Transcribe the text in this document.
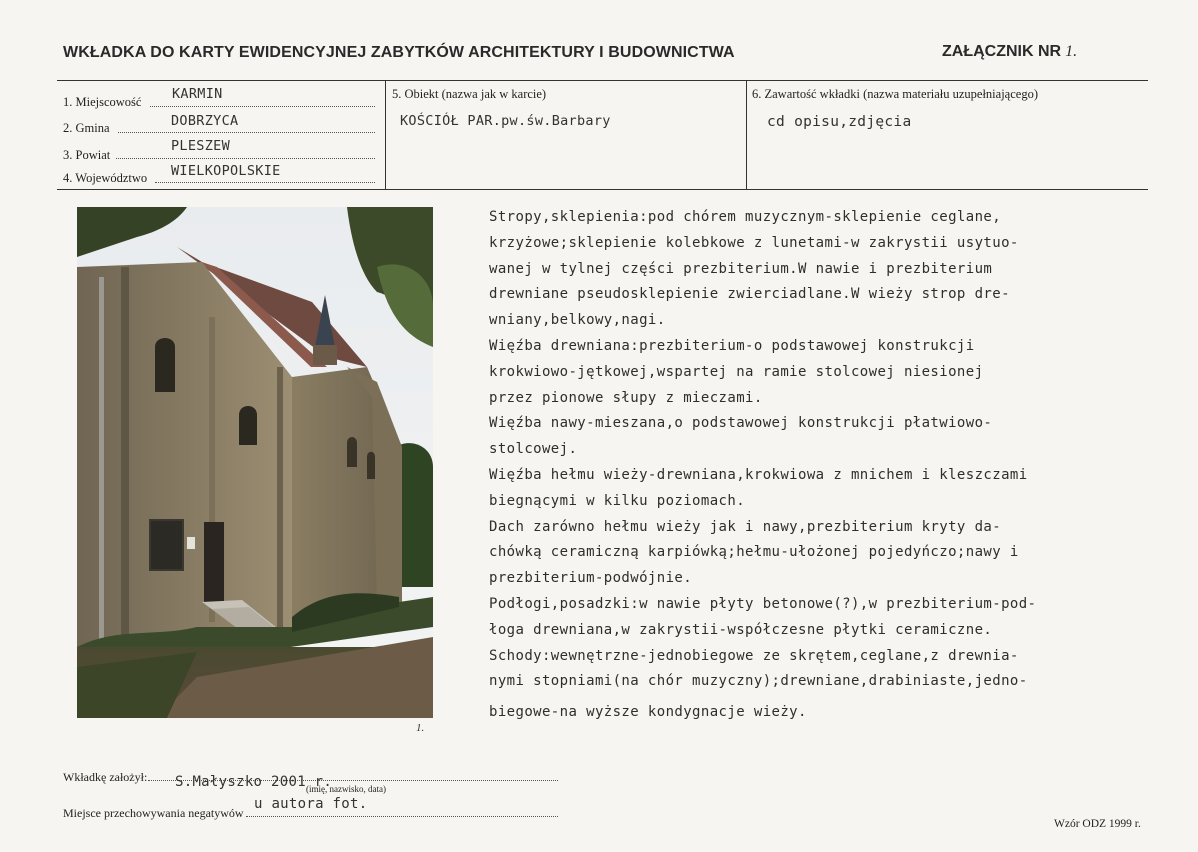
WKŁADKA DO KARTY EWIDENCYJNEJ ZABYTKÓW ARCHITEKTURY I BUDOWNICTWA	ZAŁĄCZNIK NR 1.
1. Miejscowość KARMIN
2. Gmina	DOBRZYCA
3. Powiat
PLESZEW
4. Województwo WIELKOPOLSKIE
5. Obiekt (nazwa jak w karcie)
KOŚCIÓŁ PAR.pw.św.Barbary
6. Zawartość wkładki (nazwa materiału uzupełniającego)
cd opisu,zdjęcia
1.
Stropy,sklepienia:pod chórem muzycznym-sklepienie ceglane,
krzyżowe;sklepienie kolebkowe z lunetami-w zakrystii usytuo-
wanej w tylnej części prezbiterium.W nawie i prezbiterium
drewniane pseudosklepienie zwierciadlane.W wieży strop dre-
wniany,belkowy,nagi.
Więźba drewniana:prezbiterium-o podstawowej konstrukcji
krokwiowo-jętkowej,wspartej na ramie stolcowej niesionej
przez pionowe słupy z mieczami.
Więźba nawy-mieszana,o podstawowej konstrukcji płatwiowo-
stolcowej.
Więźba hełmu wieży-drewniana,krokwiowa z mnichem i kleszczami
biegnącymi w kilku poziomach.
Dach zarówno hełmu wieży jak i nawy,prezbiterium kryty da-
chówką ceramiczną karpiówką;hełmu-ułożonej pojedyńczo;nawy i
prezbiterium-podwójnie.
Podłogi,posadzki:w nawie płyty betonowe(?),w prezbiterium-pod-
łoga drewniana,w zakrystii-współczesne płytki ceramiczne.
Schody:wewnętrzne-jednobiegowe ze skrętem,ceglane,z drewnia-
nymi stopniami(na chór muzyczny);drewniane,drabiniaste,jedno-
biegowe-na wyższe kondygnacje wieży.
Wkładkę założył: S.Małyszko 2001 r.
(imię, nazwisko, data)
Miejsce przechowywania negatywów
u autora fot.
Wzór ODZ 1999 r.
